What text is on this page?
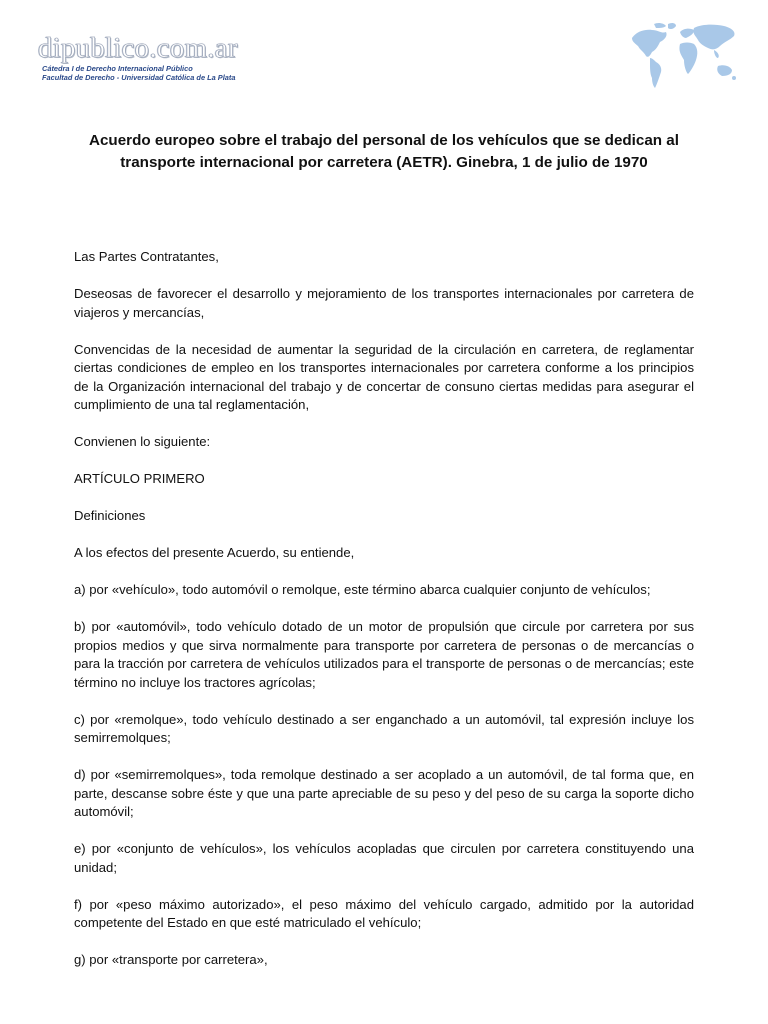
dipublico.com.ar
Cátedra I de Derecho Internacional Público
Facultad de Derecho - Universidad Católica de La Plata
Acuerdo europeo sobre el trabajo del personal de los vehículos que se dedican al transporte internacional por carretera (AETR). Ginebra, 1 de julio de 1970
Las Partes Contratantes,
Deseosas de favorecer el desarrollo y mejoramiento de los transportes internacionales por carretera de viajeros y mercancías,
Convencidas de la necesidad de aumentar la seguridad de la circulación en carretera, de reglamentar ciertas condiciones de empleo en los transportes internacionales por carretera conforme a los principios de la Organización internacional del trabajo y de concertar de consuno ciertas medidas para asegurar el cumplimiento de una tal reglamentación,
Convienen lo siguiente:
ARTÍCULO PRIMERO
Definiciones
A los efectos del presente Acuerdo, su entiende,
a) por «vehículo», todo automóvil o remolque, este término abarca cualquier conjunto de vehículos;
b) por «automóvil», todo vehículo dotado de un motor de propulsión que circule por carretera por sus propios medios y que sirva normalmente para transporte por carretera de personas o de mercancías o para la tracción por carretera de vehículos utilizados para el transporte de personas o de mercancías; este término no incluye los tractores agrícolas;
c) por «remolque», todo vehículo destinado a ser enganchado a un automóvil, tal expresión incluye los semirremolques;
d) por «semirremolques», toda remolque destinado a ser acoplado a un automóvil, de tal forma que, en parte, descanse sobre éste y que una parte apreciable de su peso y del peso de su carga la soporte dicho automóvil;
e) por «conjunto de vehículos», los vehículos acopladas que circulen por carretera constituyendo una unidad;
f) por «peso máximo autorizado», el peso máximo del vehículo cargado, admitido por la autoridad competente del Estado en que esté matriculado el vehículo;
g) por «transporte por carretera»,
